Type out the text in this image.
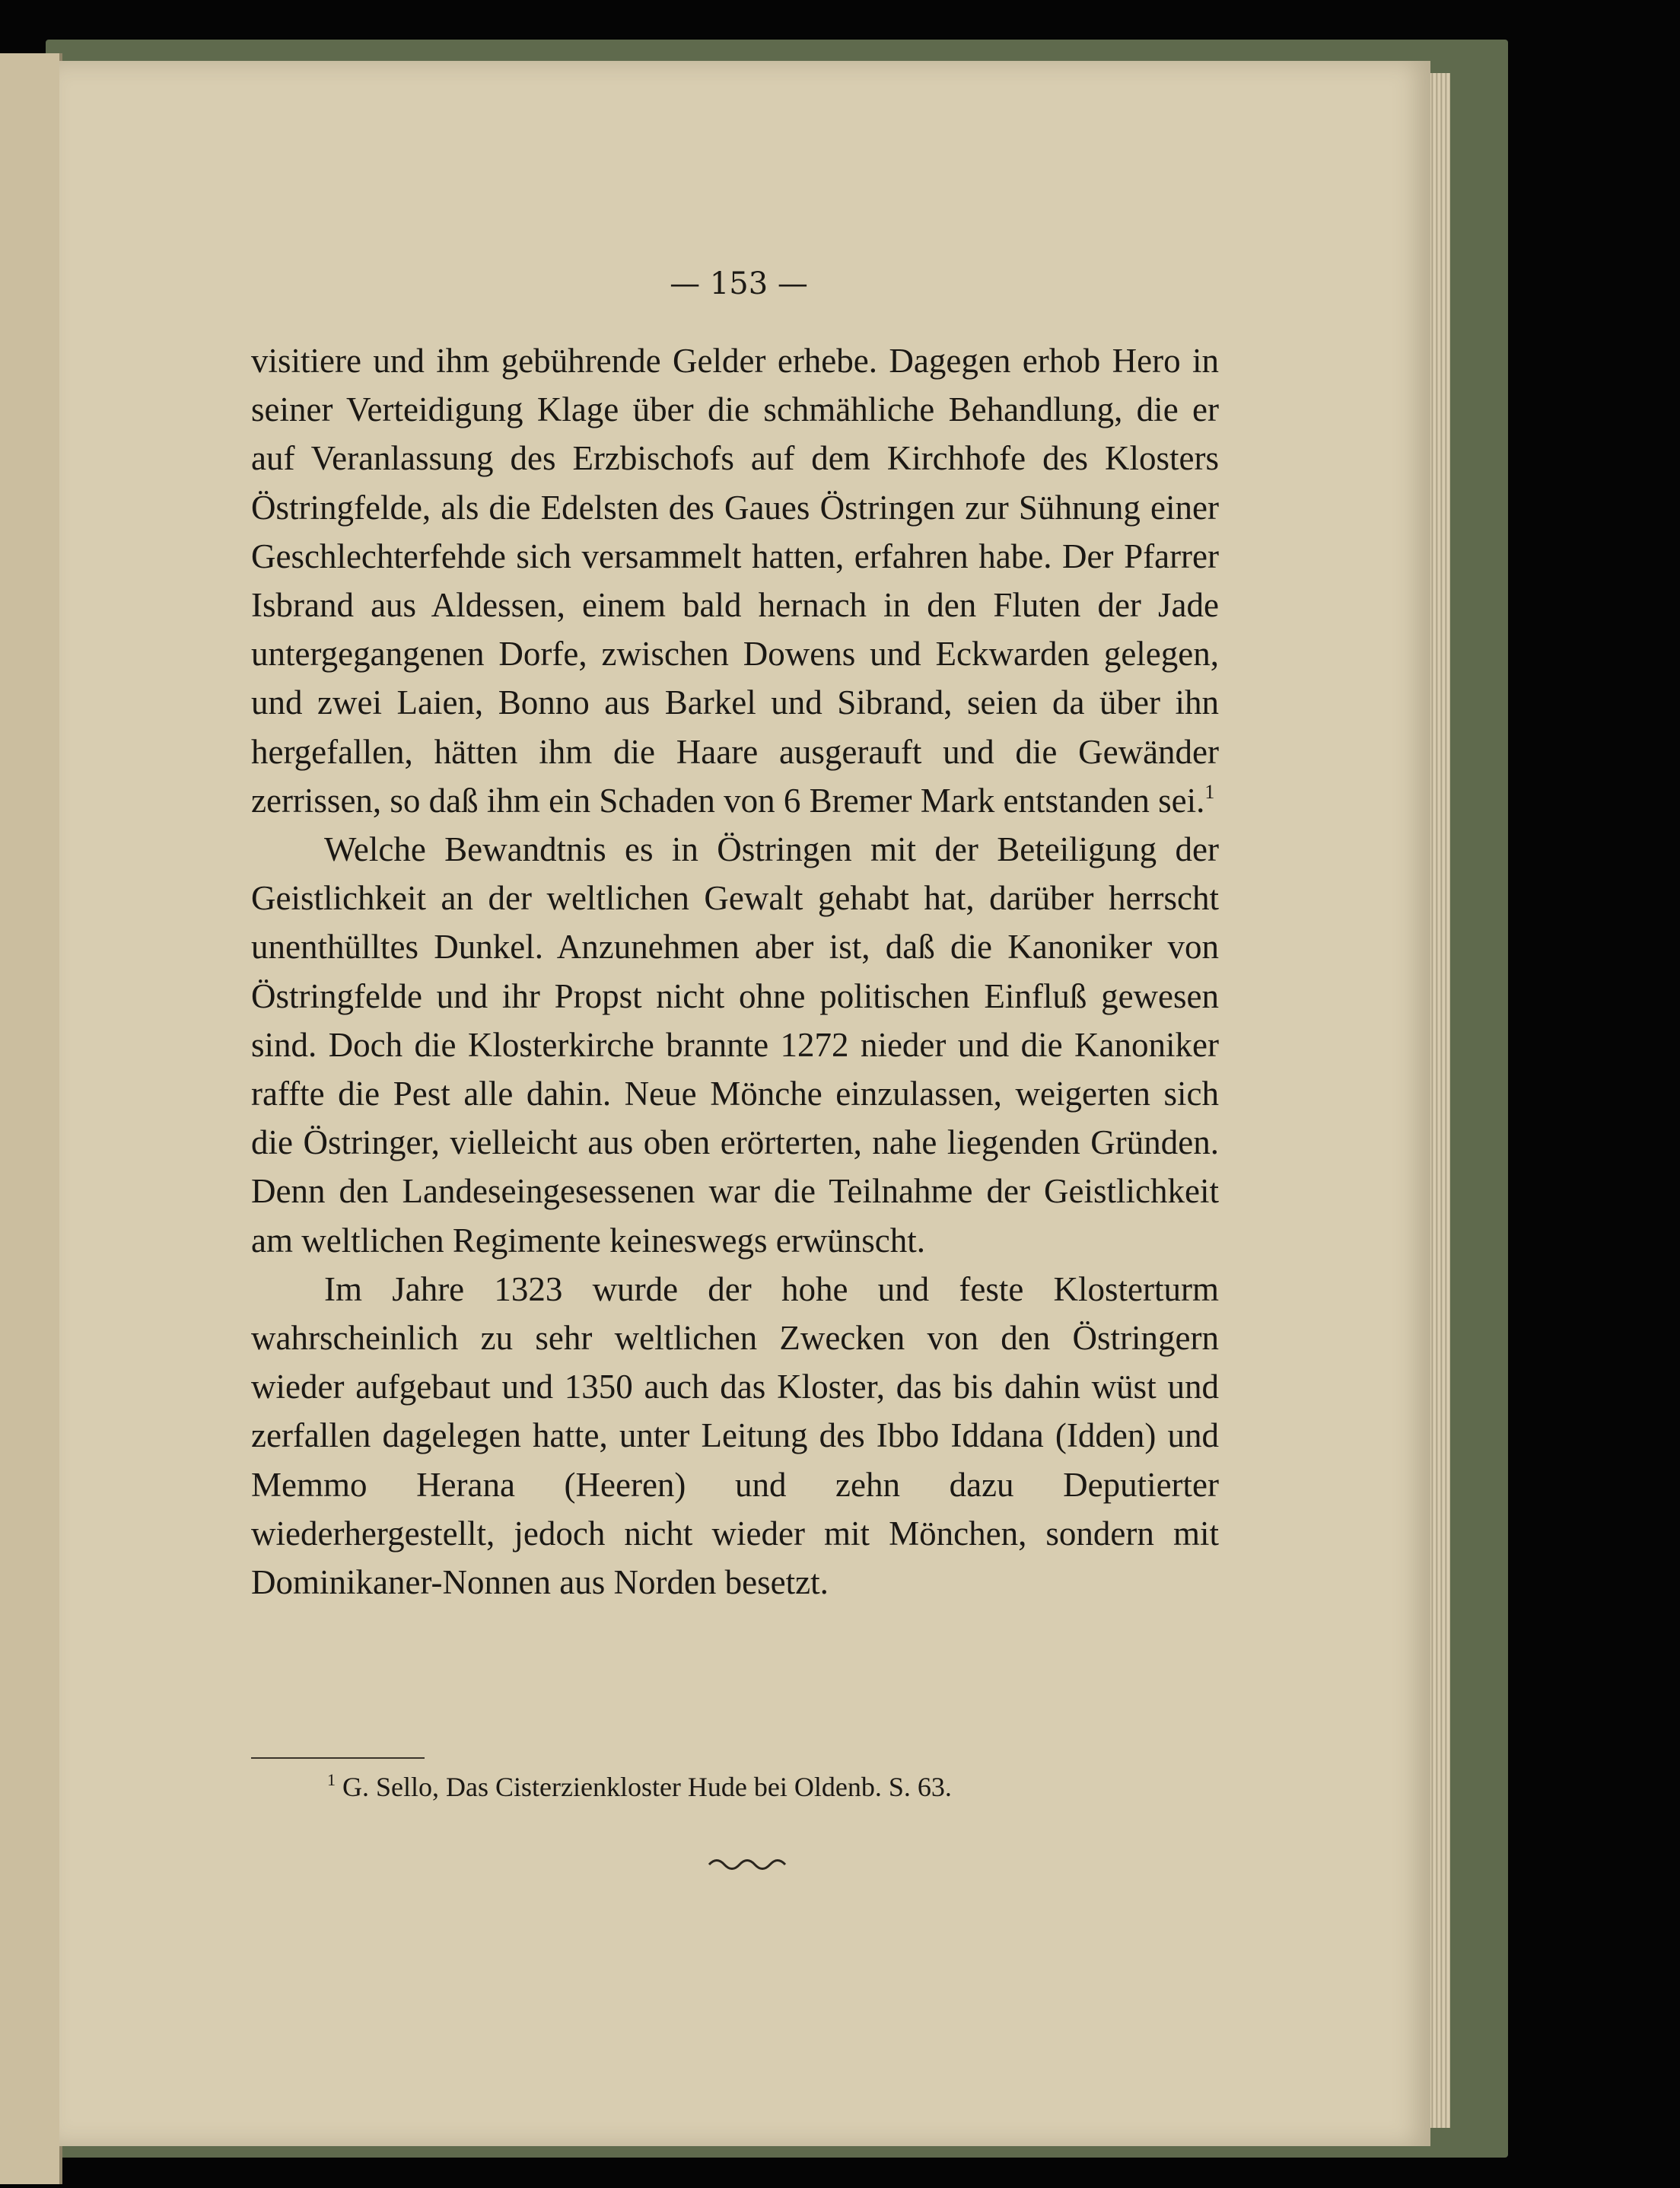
— 153 —

visitiere und ihm gebührende Gelder erhebe. Dagegen erhob Hero in seiner Verteidigung Klage über die schmähliche Behandlung, die er auf Veranlassung des Erzbischofs auf dem Kirchhofe des Klosters Östringfelde, als die Edelsten des Gaues Östringen zur Sühnung einer Geschlechterfehde sich versammelt hatten, erfahren habe. Der Pfarrer Isbrand aus Aldessen, einem bald hernach in den Fluten der Jade untergegangenen Dorfe, zwischen Dowens und Eckwarden gelegen, und zwei Laien, Bonno aus Barkel und Sibrand, seien da über ihn hergefallen, hätten ihm die Haare ausgerauft und die Gewänder zerrissen, so daß ihm ein Schaden von 6 Bremer Mark entstanden sei.$^1$

Welche Bewandtnis es in Östringen mit der Beteiligung der Geistlichkeit an der weltlichen Gewalt gehabt hat, darüber herrscht unenthülltes Dunkel. Anzunehmen aber ist, daß die Kanoniker von Östringfelde und ihr Propst nicht ohne politischen Einfluß gewesen sind. Doch die Klosterkirche brannte 1272 nieder und die Kanoniker raffte die Pest alle dahin. Neue Mönche einzulassen, weigerten sich die Östringer, vielleicht aus oben erörterten, nahe liegenden Gründen. Denn den Landeseingesessenen war die Teilnahme der Geistlichkeit am weltlichen Regimente keineswegs erwünscht.

Im Jahre 1323 wurde der hohe und feste Klosterturm wahrscheinlich zu sehr weltlichen Zwecken von den Östringern wieder aufgebaut und 1350 auch das Kloster, das bis dahin wüst und zerfallen dagelegen hatte, unter Leitung des Ibbo Iddana (Idden) und Memmo Herana (Heeren) und zehn dazu Deputierter wiederhergestellt, jedoch nicht wieder mit Mönchen, sondern mit Dominikaner-Nonnen aus Norden besetzt.

$^1$ G. Sello, Das Cisterzienkloster Hude bei Oldenb. S. 63.
